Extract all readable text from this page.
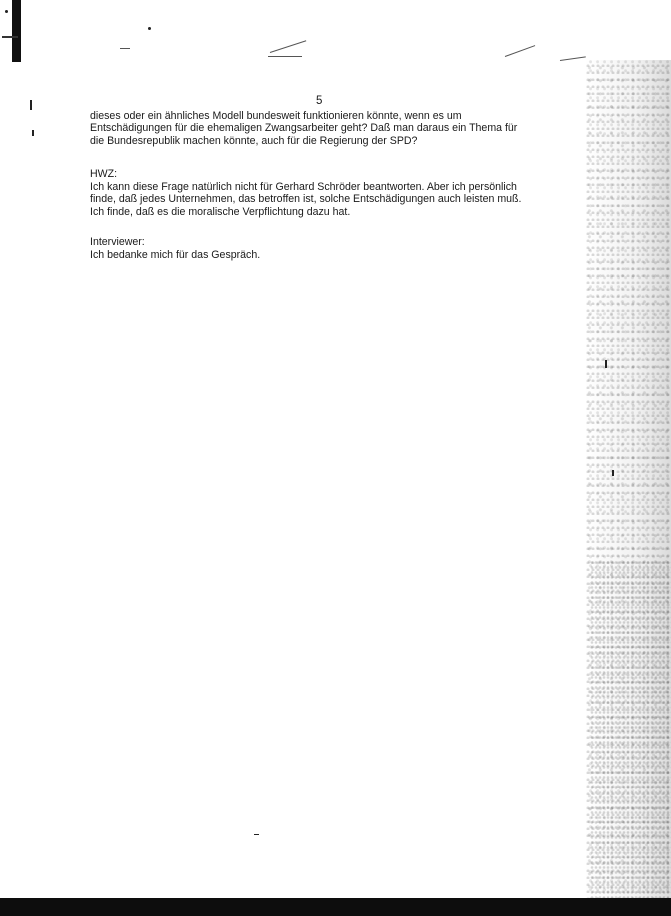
5

dieses oder ein ähnliches Modell bundesweit funktionieren könnte, wenn es um
Entschädigungen für die ehemaligen Zwangsarbeiter geht? Daß man daraus ein Thema für
die Bundesrepublik machen könnte, auch für die Regierung der SPD?

HWZ:

Ich kann diese Frage natürlich nicht für Gerhard Schröder beantworten. Aber ich persönlich
finde, daß jedes Unternehmen, das betroffen ist, solche Entschädigungen auch leisten muß.
Ich finde, daß es die moralische Verpflichtung dazu hat.

Interviewer:

Ich bedanke mich für das Gespräch.
